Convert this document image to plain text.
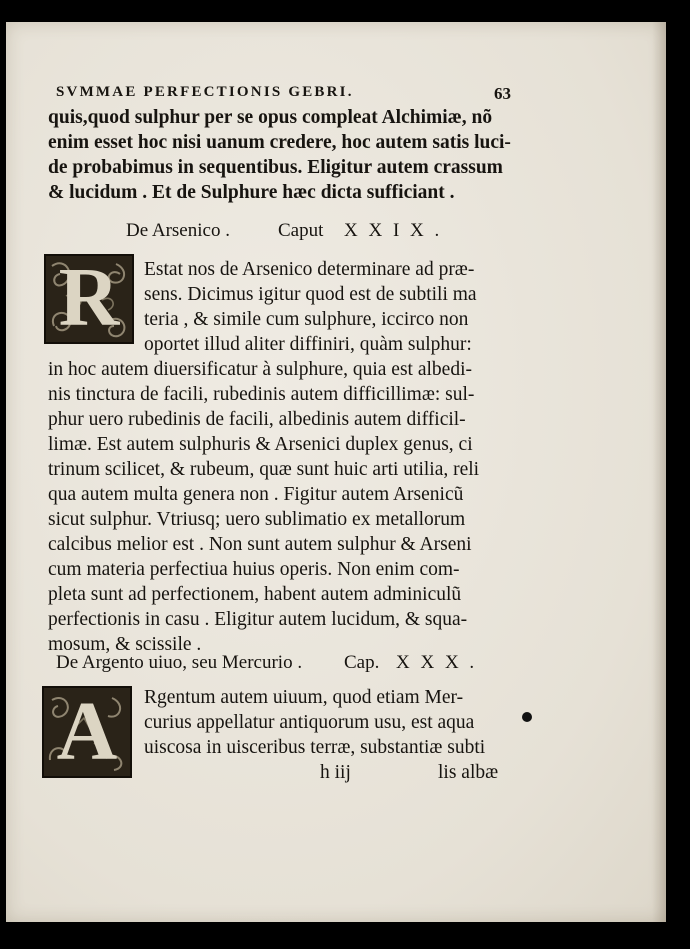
SVMMAE PERFECTIONIS GEBRI.	63
quis,quod sulphur per se opus compleat Alchimiæ, nõ
enim esset hoc nisi uanum credere, hoc autem satis luci-
de probabimus in sequentibus. Eligitur autem crassum
& lucidum . Et de Sulphure hæc dicta sufficiant .
De Arsenico .	Caput X X I X .
R	Estat nos de Arsenico determinare ad præ-
sens. Dicimus igitur quod est de subtili ma
teria , & simile cum sulphure, iccirco non
oportet illud aliter diffiniri, quàm sulphur:
in hoc autem diuersificatur à sulphure, quia est albedi-
nis tinctura de facili, rubedinis autem difficillimæ: sul-
phur uero rubedinis de facili, albedinis autem difficil-
limæ. Est autem sulphuris & Arsenici duplex genus, ci
trinum scilicet, & rubeum, quæ sunt huic arti utilia, reli
qua autem multa genera non . Figitur autem Arsenicũ
sicut sulphur. Vtriusq; uero sublimatio ex metallorum
calcibus melior est . Non sunt autem sulphur & Arseni
cum materia perfectiua huius operis. Non enim com-
pleta sunt ad perfectionem, habent autem adminiculũ
perfectionis in casu . Eligitur autem lucidum, & squa-
mosum, & scissile .
De Argento uiuo, seu Mercurio . Cap. X X X .
A	Rgentum autem uiuum, quod etiam Mer-
curius appellatur antiquorum usu, est aqua
uiscosa in uisceribus terræ, substantiæ subti
h iij	lis albæ
